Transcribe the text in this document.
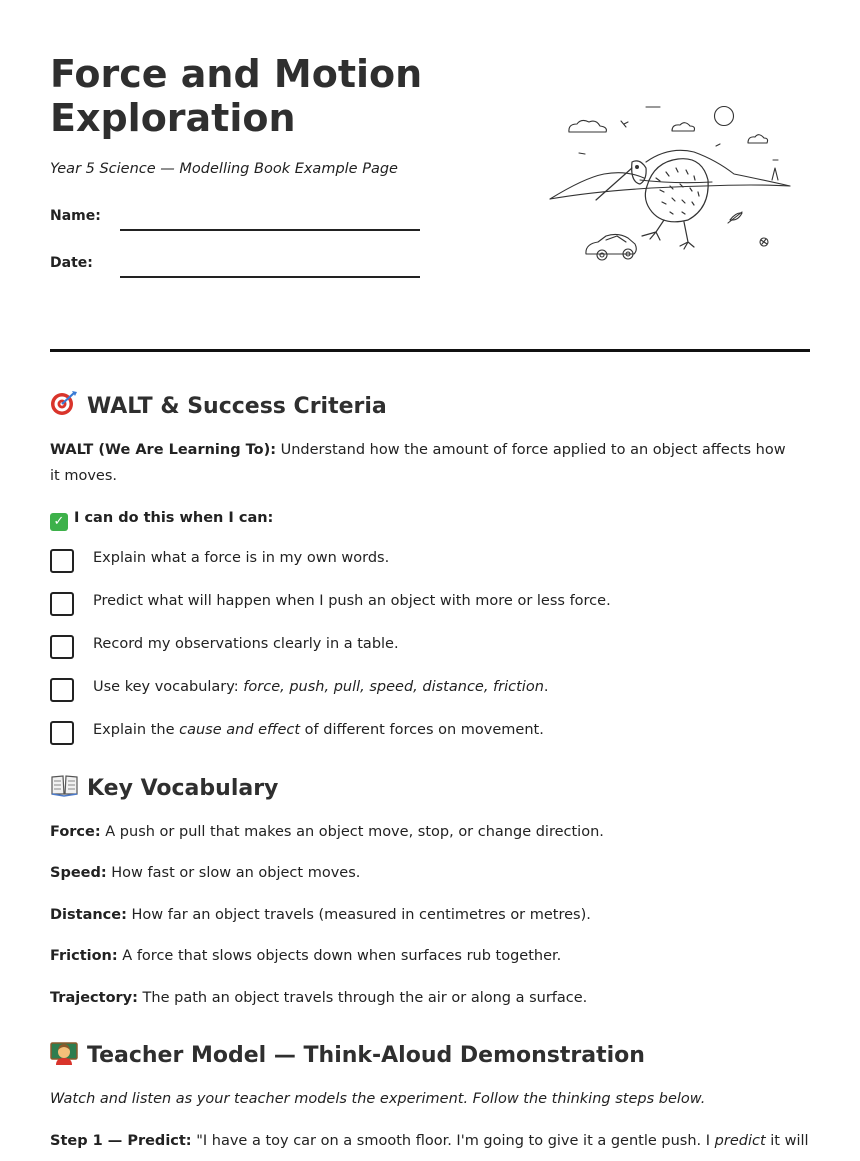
Force and Motion
Exploration
Year 5 Science — Modelling Book Example Page
Name:
Date:
WALT & Success Criteria
WALT (We Are Learning To): Understand how the amount of force applied to an object affects how it moves.
✓ I can do this when I can:
Explain what a force is in my own words.
Predict what will happen when I push an object with more or less force.
Record my observations clearly in a table.
Use key vocabulary: force, push, pull, speed, distance, friction.
Explain the cause and effect of different forces on movement.
Key Vocabulary
Force: A push or pull that makes an object move, stop, or change direction.
Speed: How fast or slow an object moves.
Distance: How far an object travels (measured in centimetres or metres).
Friction: A force that slows objects down when surfaces rub together.
Trajectory: The path an object travels through the air or along a surface.
Teacher Model — Think-Aloud Demonstration
Watch and listen as your teacher models the experiment. Follow the thinking steps below.
Step 1 — Predict: "I have a toy car on a smooth floor. I'm going to give it a gentle push. I predict it will
